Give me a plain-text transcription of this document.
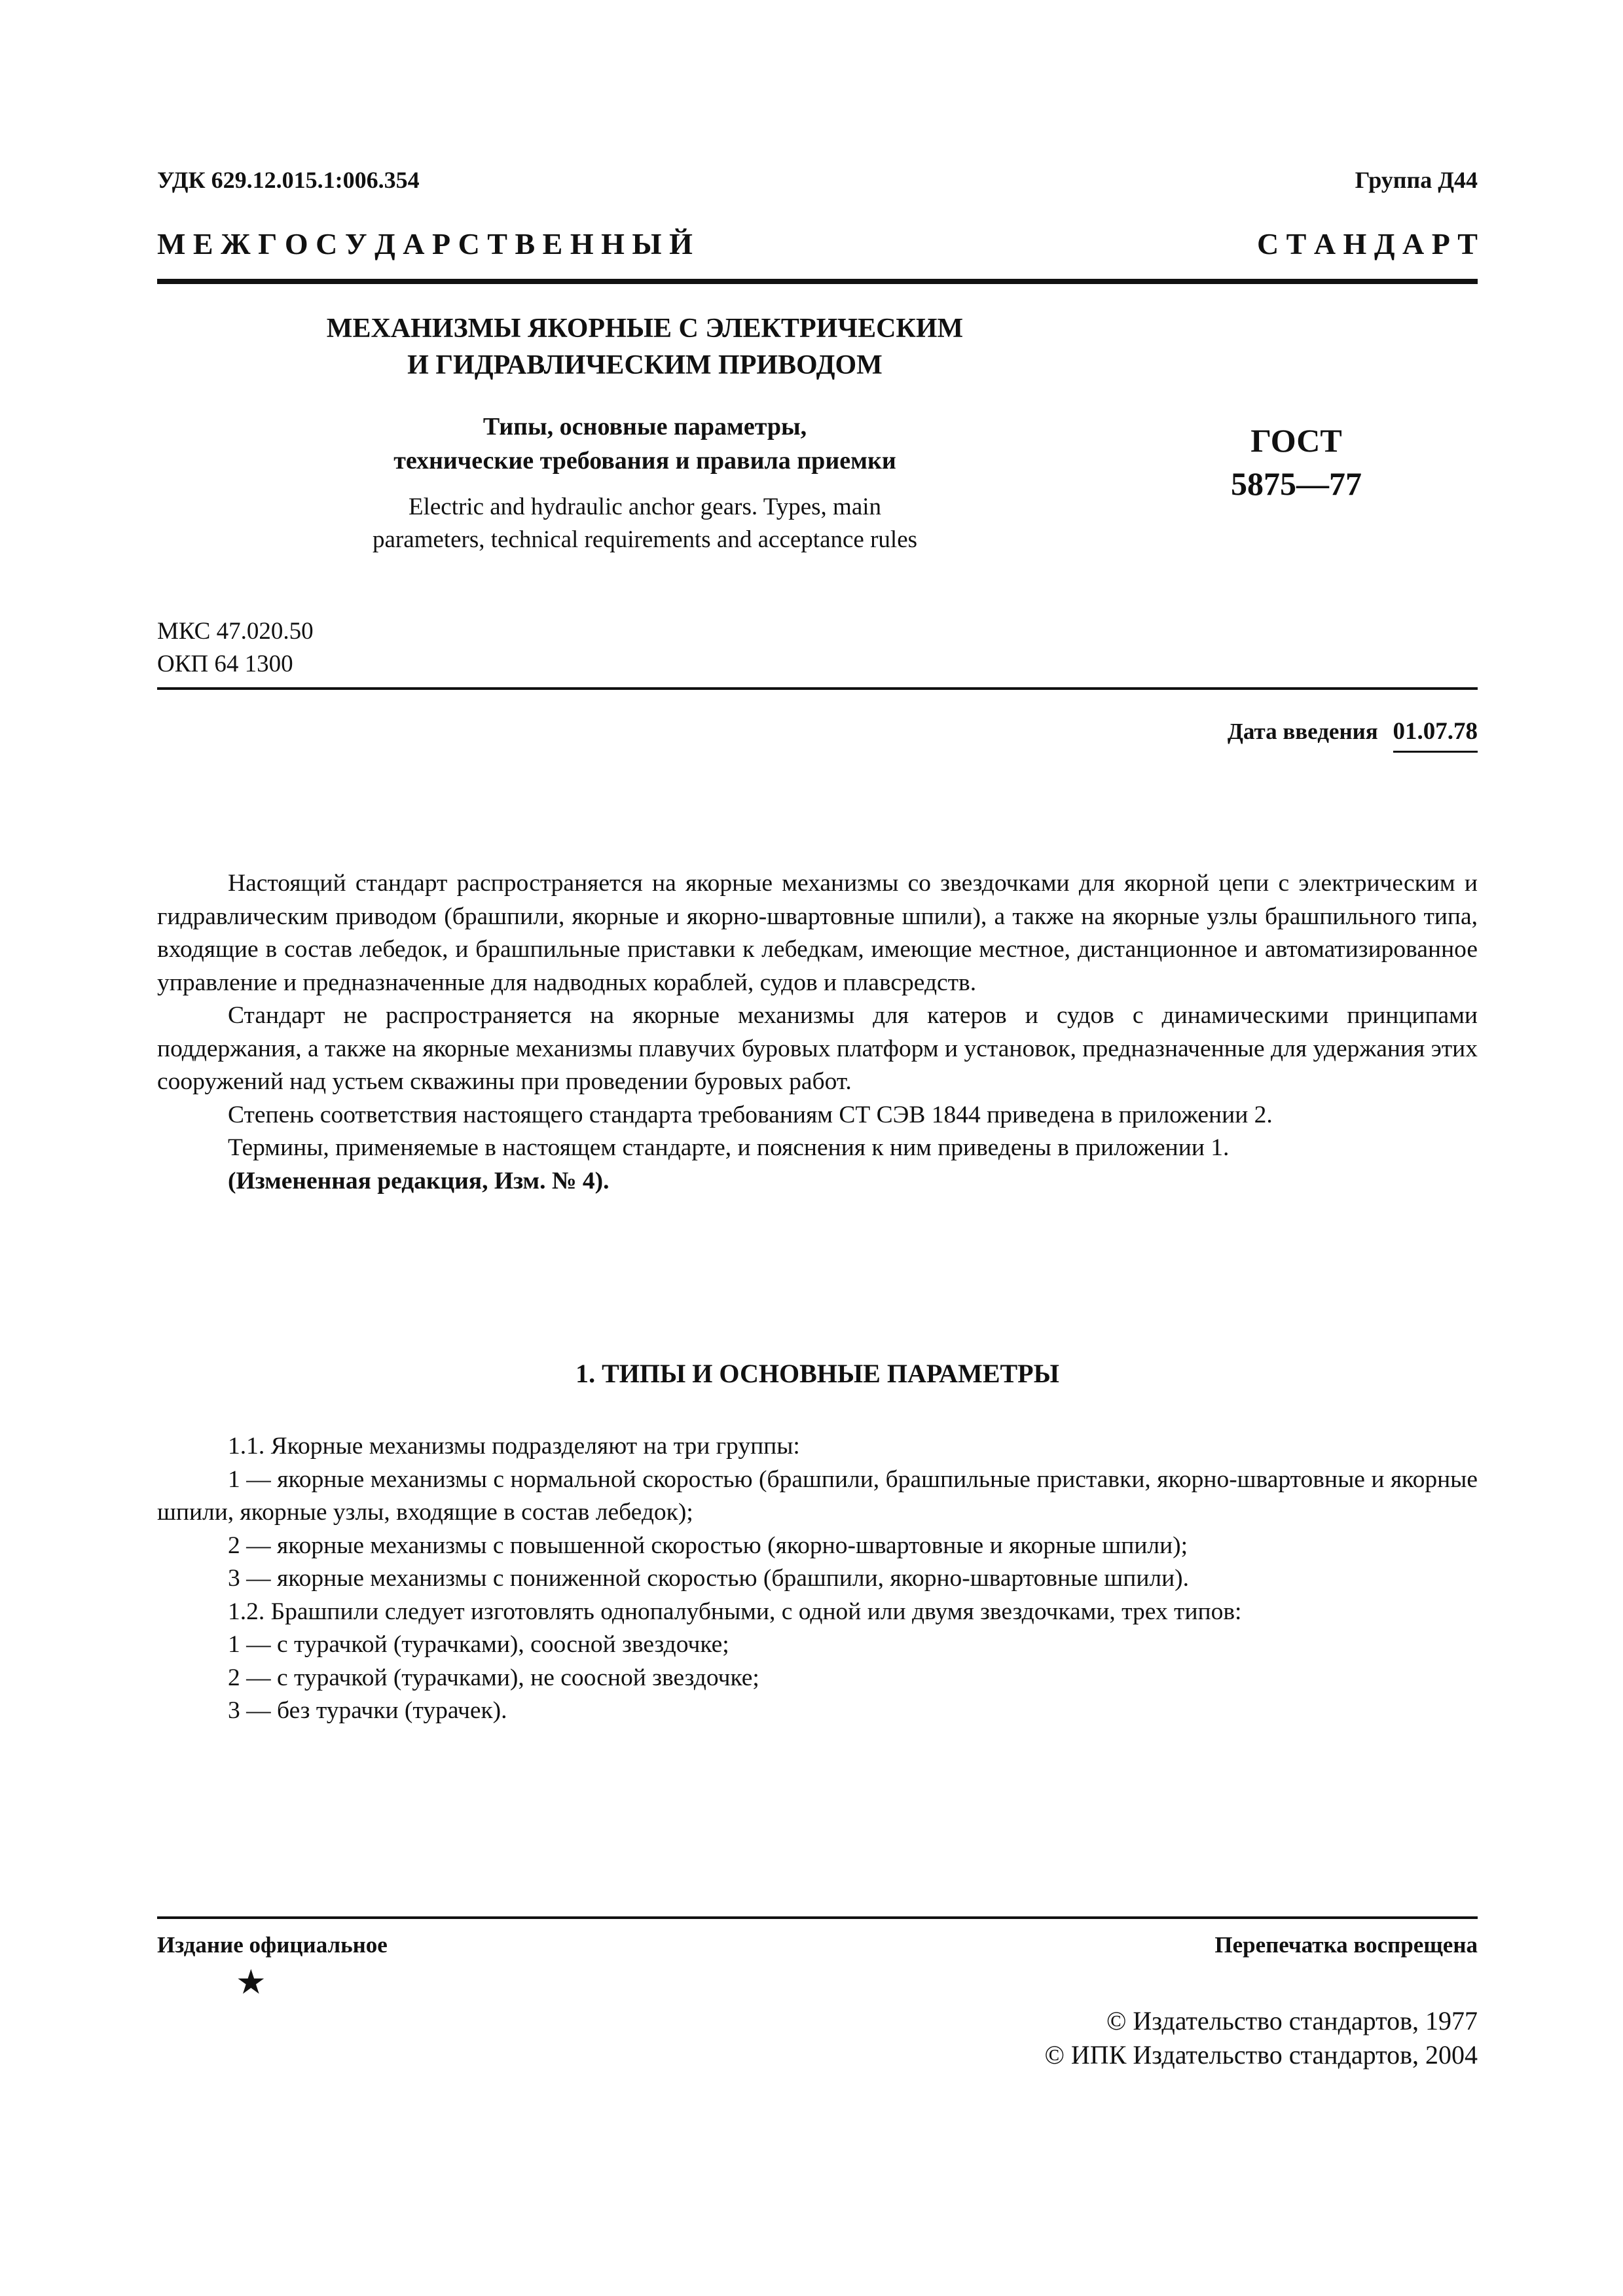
УДК 629.12.015.1:006.354	Группа Д44
М Е Ж Г О С У Д А Р С Т В Е Н Н Ы Й	С Т А Н Д А Р Т
МЕХАНИЗМЫ ЯКОРНЫЕ С ЭЛЕКТРИЧЕСКИМ
И ГИДРАВЛИЧЕСКИМ ПРИВОДОМ
Типы, основные параметры,
технические требования и правила приемки
Electric and hydraulic anchor gears. Types, main
parameters, technical requirements and acceptance rules
ГОСТ
5875—77
МКС 47.020.50
ОКП 64 1300
Дата введения 01.07.78

Настоящий стандарт распространяется на якорные механизмы со звездочками для якорной цепи с электрическим и гидравлическим приводом (брашпили, якорные и якорно-швартовные шпили), а также на якорные узлы брашпильного типа, входящие в состав лебедок, и брашпильные приставки к лебедкам, имеющие местное, дистанционное и автоматизированное управление и предназначенные для надводных кораблей, судов и плавсредств.

Стандарт не распространяется на якорные механизмы для катеров и судов с динамическими принципами поддержания, а также на якорные механизмы плавучих буровых платформ и установок, предназначенные для удержания этих сооружений над устьем скважины при проведении буровых работ.

Степень соответствия настоящего стандарта требованиям СТ СЭВ 1844 приведена в приложении 2.

Термины, применяемые в настоящем стандарте, и пояснения к ним приведены в приложении 1.

(Измененная редакция, Изм. № 4).

1. ТИПЫ И ОСНОВНЫЕ ПАРАМЕТРЫ

1.1. Якорные механизмы подразделяют на три группы:

1 — якорные механизмы с нормальной скоростью (брашпили, брашпильные приставки, якорно-швартовные и якорные шпили, якорные узлы, входящие в состав лебедок);

2 — якорные механизмы с повышенной скоростью (якорно-швартовные и якорные шпили);

3 — якорные механизмы с пониженной скоростью (брашпили, якорно-швартовные шпили).

1.2. Брашпили следует изготовлять однопалубными, с одной или двумя звездочками, трех типов:

1 — с турачкой (турачками), соосной звездочке;

2 — с турачкой (турачками), не соосной звездочке;

3 — без турачки (турачек).

Издание официальное	Перепечатка воспрещена
★
© Издательство стандартов, 1977
© ИПК Издательство стандартов, 2004
